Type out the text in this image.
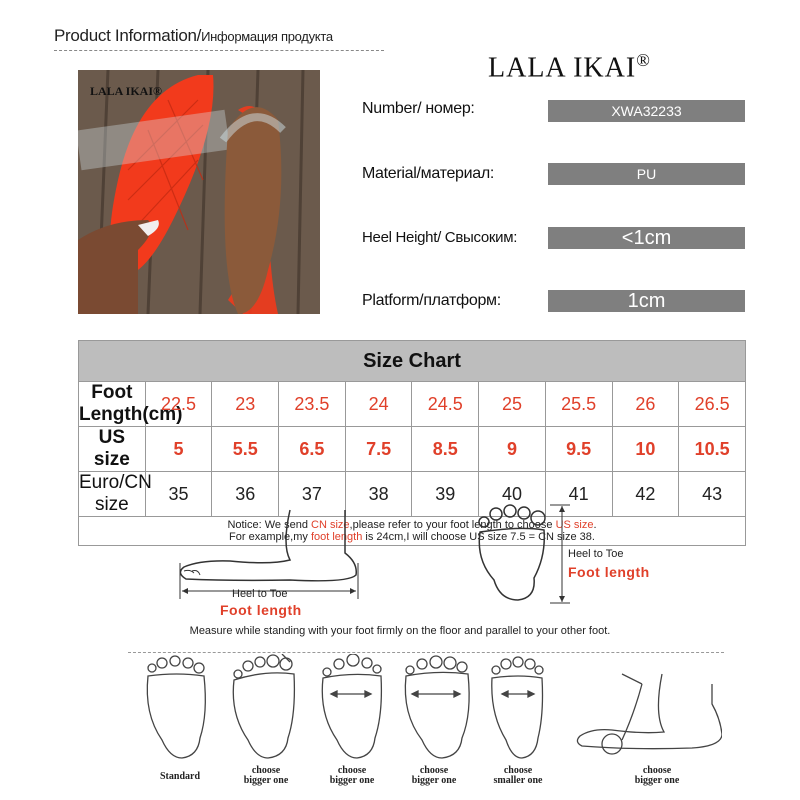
Product Information/Информация продукта
LALA IKAI®
LALA IKAI®
Number/ номер:	XWA32233
Material/материал:	PU
Heel Height/ Свысоким:	<1cm
Platform/платформ:	1cm
Size Chart									
Foot Length(cm)	22.5	23	23.5	24	24.5	25	25.5	26	26.5
US size	5	5.5	6.5	7.5	8.5	9	9.5	10	10.5
Euro/CN size	35	36	37	38	39	40	41	42	43
Notice: We send CN size,please refer to your foot length to choose US size.
For example,my foot length is 24cm,I will choose US size 7.5 = CN size 38.									
Heel to Toe
Foot length
Heel to Toe
Foot length
Measure while standing with your foot firmly on the floor and parallel to your other foot.
Standard
choose
bigger one
choose
bigger one
choose
bigger one
choose
smaller one
choose
bigger one
